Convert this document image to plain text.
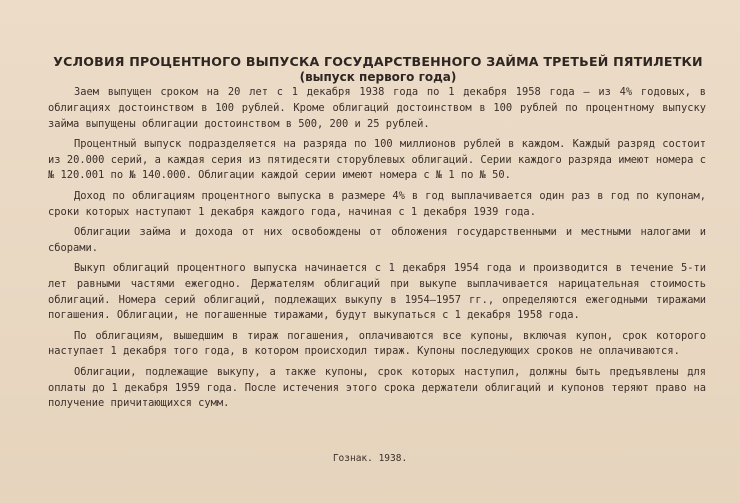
УСЛОВИЯ ПРОЦЕНТНОГО ВЫПУСКА ГОСУДАРСТВЕННОГО ЗАЙМА ТРЕТЬЕЙ ПЯТИЛЕТКИ
(выпуск первого года)

Заем выпущен сроком на 20 лет с 1 декабря 1938 года по 1 декабря 1958 года — из 4% годовых, в облигациях достоинством в 100 рублей. Кроме облигаций достоинством в 100 рублей по процентному выпуску займа выпущены облигации достоинством в 500, 200 и 25 рублей.

Процентный выпуск подразделяется на разряда по 100 миллионов рублей в каждом. Каждый разряд состоит из 20.000 серий, а каждая серия из пятидесяти сторублевых облигаций. Серии каждого разряда имеют номера с № 120.001 по № 140.000. Облигации каждой серии имеют номера с № 1 по № 50.

Доход по облигациям процентного выпуска в размере 4% в год выплачивается один раз в год по купонам, сроки которых наступают 1 декабря каждого года, начиная с 1 декабря 1939 года.

Облигации займа и дохода от них освобождены от обложения государственными и местными налогами и сборами.

Выкуп облигаций процентного выпуска начинается с 1 декабря 1954 года и производится в течение 5-ти лет равными частями ежегодно. Держателям облигаций при выкупе выплачивается нарицательная стоимость облигаций. Номера серий облигаций, подлежащих выкупу в 1954—1957 гг., определяются ежегодными тиражами погашения. Облигации, не погашенные тиражами, будут выкупаться с 1 декабря 1958 года.

По облигациям, вышедшим в тираж погашения, оплачиваются все купоны, включая купон, срок которого наступает 1 декабря того года, в котором происходил тираж. Купоны последующих сроков не оплачиваются.

Облигации, подлежащие выкупу, а также купоны, срок которых наступил, должны быть предъявлены для оплаты до 1 декабря 1959 года. После истечения этого срока держатели облигаций и купонов теряют право на получение причитающихся сумм.

Гознак. 1938.
